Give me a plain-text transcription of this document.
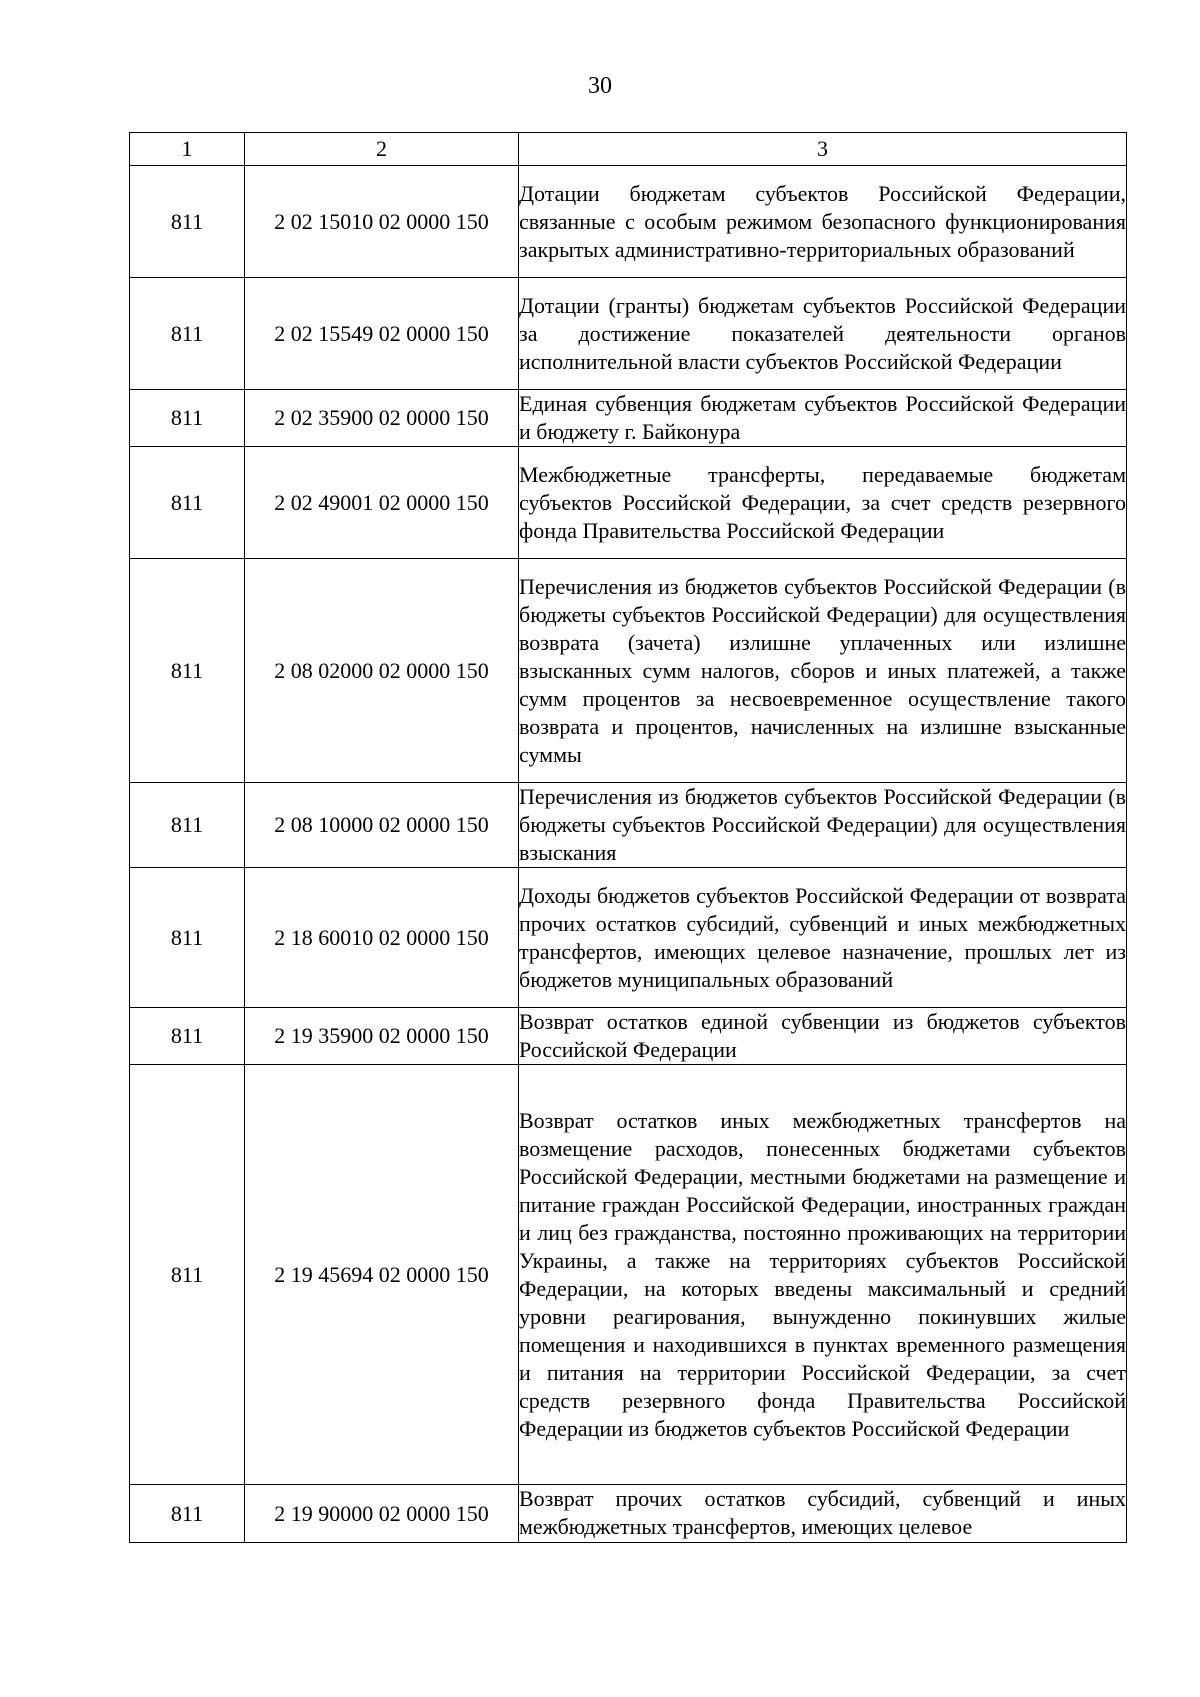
30
1	2	3
811	2 02 15010 02 0000 150	Дотации бюджетам субъектов Российской Федерации, связанные с особым режимом безопасного функционирования закрытых административно-территориальных образований
811	2 02 15549 02 0000 150	Дотации (гранты) бюджетам субъектов Российской Федерации за достижение показателей деятельности органов исполнительной власти субъектов Российской Федерации
811	2 02 35900 02 0000 150	Единая субвенция бюджетам субъектов Российской Федерации и бюджету г. Байконура
811	2 02 49001 02 0000 150	Межбюджетные трансферты, передаваемые бюджетам субъектов Российской Федерации, за счет средств резервного фонда Правительства Российской Федерации
811	2 08 02000 02 0000 150	Перечисления из бюджетов субъектов Российской Федерации (в бюджеты субъектов Российской Федерации) для осуществления возврата (зачета) излишне уплаченных или излишне взысканных сумм налогов, сборов и иных платежей, а также сумм процентов за несвоевременное осуществление такого возврата и процентов, начисленных на излишне взысканные суммы
811	2 08 10000 02 0000 150	Перечисления из бюджетов субъектов Российской Федерации (в бюджеты субъектов Российской Федерации) для осуществления взыскания
811	2 18 60010 02 0000 150	Доходы бюджетов субъектов Российской Федерации от возврата прочих остатков субсидий, субвенций и иных межбюджетных трансфертов, имеющих целевое назначение, прошлых лет из бюджетов муниципальных образований
811	2 19 35900 02 0000 150	Возврат остатков единой субвенции из бюджетов субъектов Российской Федерации
811	2 19 45694 02 0000 150	Возврат остатков иных межбюджетных трансфертов на возмещение расходов, понесенных бюджетами субъектов Российской Федерации, местными бюджетами на размещение и питание граждан Российской Федерации, иностранных граждан и лиц без гражданства, постоянно проживающих на территории Украины, а также на территориях субъектов Российской Федерации, на которых введены максимальный и средний уровни реагирования, вынужденно покинувших жилые помещения и находившихся в пунктах временного размещения и питания на территории Российской Федерации, за счет средств резервного фонда Правительства Российской Федерации из бюджетов субъектов Российской Федерации
811	2 19 90000 02 0000 150	Возврат прочих остатков субсидий, субвенций и иных межбюджетных трансфертов, имеющих целевое
